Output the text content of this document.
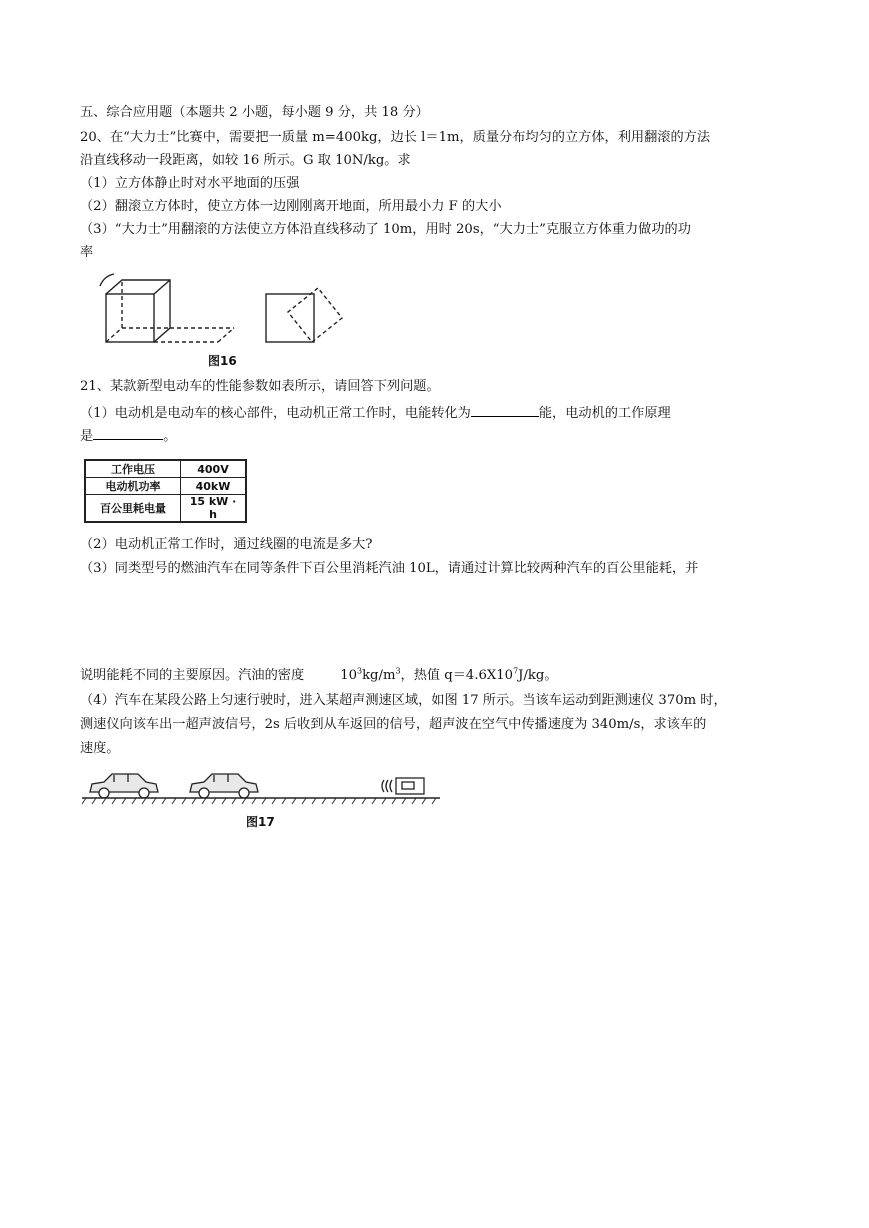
五、综合应用题（本题共 2 小题，每小题 9 分，共 18 分）
20、在“大力士”比赛中，需要把一质量 m=400kg，边长 l＝1m，质量分布均匀的立方体，利用翻滚的方法
沿直线移动一段距离，如较 16 所示。G 取 10N/kg。求
（1）立方体静止时对水平地面的压强
（2）翻滚立方体时，使立方体一边刚刚离开地面，所用最小力 F 的大小
（3）“大力士”用翻滚的方法使立方体沿直线移动了 10m，用时 20s，“大力士”克服立方体重力做功的功
率
图16
21、某款新型电动车的性能参数如表所示，请回答下列问题。
（1）电动机是电动车的核心部件，电动机正常工作时，电能转化为	能，电动机的工作原理
是	。
工作电压	400V
电动机功率	40kW
百公里耗电量	15 kW · h
（2）电动机正常工作时，通过线圈的电流是多大?
（3）同类型号的燃油汽车在同等条件下百公里消耗汽油 10L，请通过计算比较两种汽车的百公里能耗，并
说明能耗不同的主要原因。汽油的密度	$10^3kg/m^3$，热值 $q=4.6X10^7J/kg$。
（4）汽车在某段公路上匀速行驶时，进入某超声测速区域，如图 17 所示。当该车运动到距测速仪 370m 时，
测速仪向该车出一超声波信号，2s 后收到从车返回的信号，超声波在空气中传播速度为 340m/s，求该车的
速度。
图17
